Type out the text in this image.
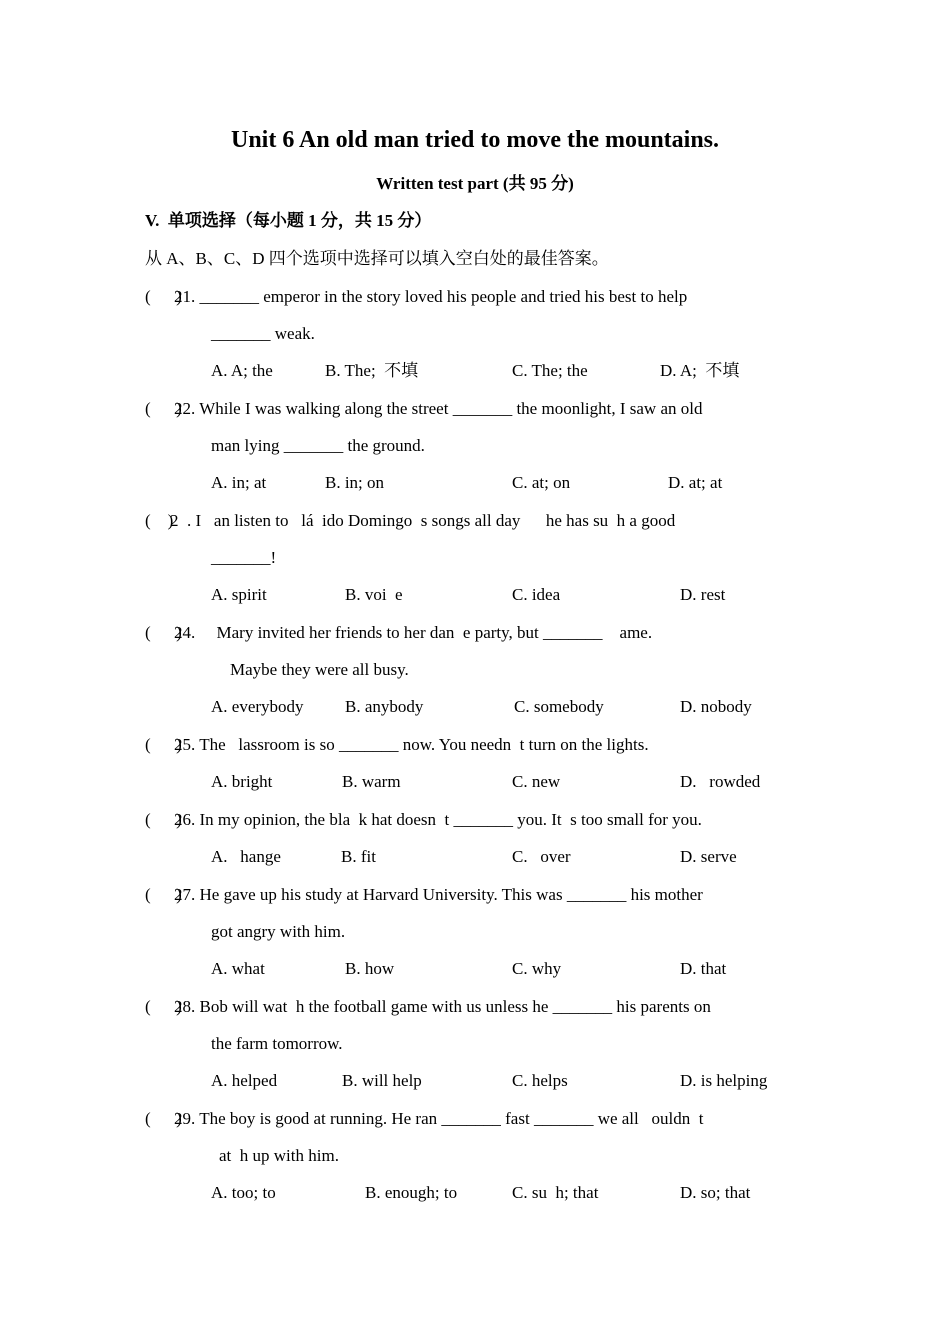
Unit 6 An old man tried to move the mountains.
Written test part (共 95 分)
V.  单项选择（每小题 1 分，共 15 分）
从 A、B、C、D 四个选项中选择可以填入空白处的最佳答案。
(      )
21. _______ emperor in the story loved his people and tried his best to help
_______ weak.
A. A; the	B. The;  不填	C. The; the	D. A;  不填
(      )
22. While I was walking along the street _______ the moonlight, I saw an old
man lying _______ the ground.
A. in; at	B. in; on	C. at; on	D. at; at
(    )
2  . I   an listen to   lá  ido Domingo  s songs all day      he has su  h a good
_______!
A. spirit	B. voi  e	C. idea	D. rest
(      )
24.     Mary invited her friends to her dan  e party, but _______    ame.
Maybe they were all busy.
A. everybody B. anybody	C. somebody	D. nobody
(      )
25. The   lassroom is so _______ now. You needn  t turn on the lights.
A. bright	B. warm	C. new	D.   rowded
(      )
26. In my opinion, the bla  k hat doesn  t _______ you. It  s too small for you.
A.   hange	B. fit	C.   over	D. serve
(      )
27. He gave up his study at Harvard University. This was _______ his mother
got angry with him.
A. what	B. how	C. why	D. that
(      )
28. Bob will wat  h the football game with us unless he _______ his parents on
the farm tomorrow.
A. helped	B. will help	C. helps	D. is helping
(      )
29. The boy is good at running. He ran _______ fast _______ we all   ouldn  t
at  h up with him.
A. too; to	B. enough; to	C. su  h; that	D. so; that
